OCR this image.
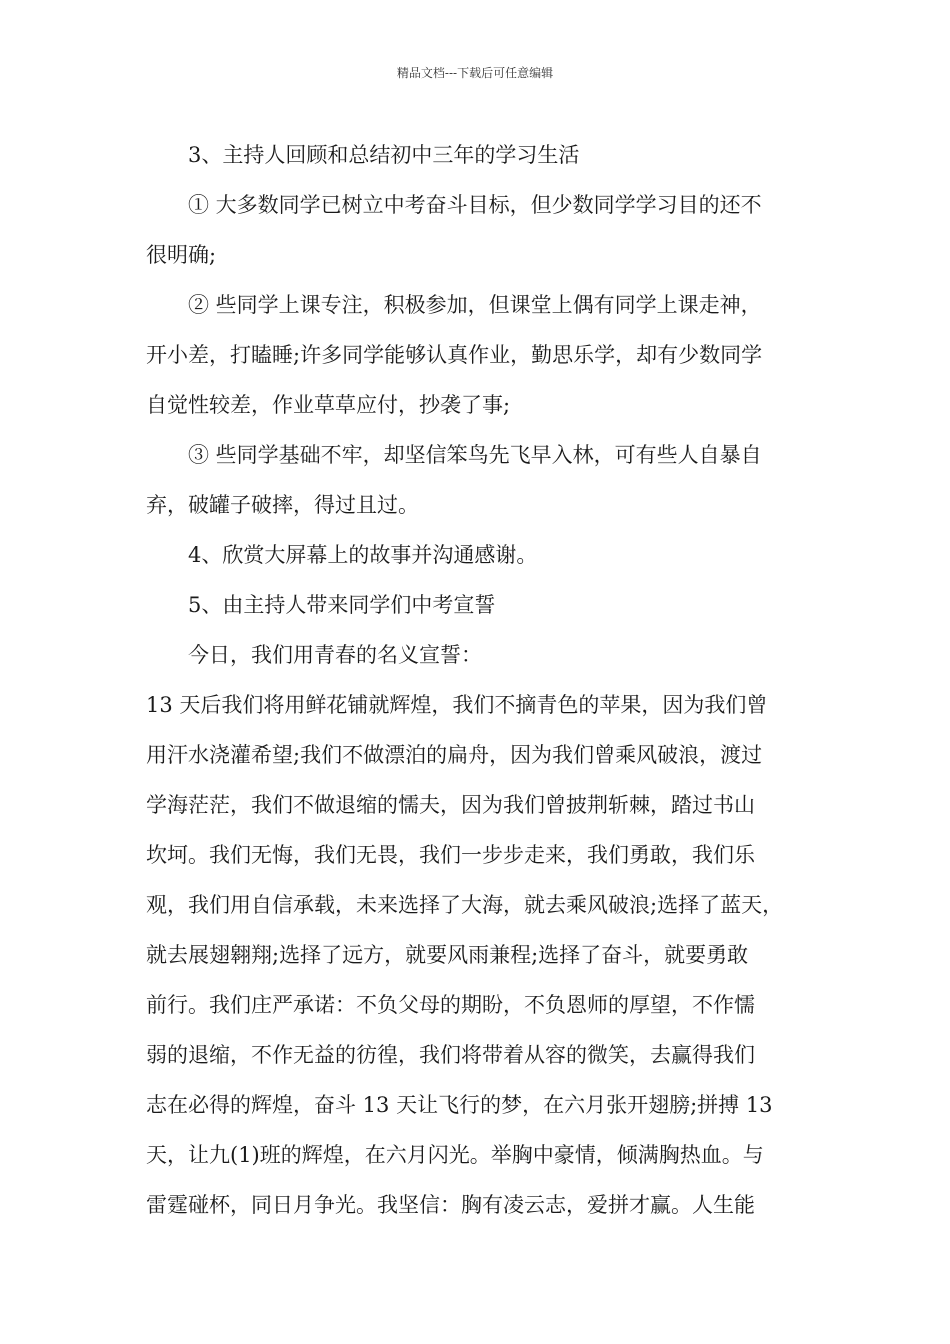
精品文档---下载后可任意编辑
3、主持人回顾和总结初中三年的学习生活
① 大多数同学已树立中考奋斗目标，但少数同学学习目的还不
很明确;
② 些同学上课专注，积极参加，但课堂上偶有同学上课走神，
开小差，打瞌睡;许多同学能够认真作业，勤思乐学，却有少数同学
自觉性较差，作业草草应付，抄袭了事;
③ 些同学基础不牢，却坚信笨鸟先飞早入林，可有些人自暴自
弃，破罐子破摔，得过且过。
4、欣赏大屏幕上的故事并沟通感谢。
5、由主持人带来同学们中考宣誓
今日，我们用青春的名义宣誓：
13 天后我们将用鲜花铺就辉煌，我们不摘青色的苹果，因为我们曾
用汗水浇灌希望;我们不做漂泊的扁舟，因为我们曾乘风破浪，渡过
学海茫茫，我们不做退缩的懦夫，因为我们曾披荆斩棘，踏过书山
坎坷。我们无悔，我们无畏，我们一步步走来，我们勇敢，我们乐
观，我们用自信承载，未来选择了大海，就去乘风破浪;选择了蓝天，
就去展翅翱翔;选择了远方，就要风雨兼程;选择了奋斗，就要勇敢
前行。我们庄严承诺：不负父母的期盼，不负恩师的厚望，不作懦
弱的退缩，不作无益的彷徨，我们将带着从容的微笑，去赢得我们
志在必得的辉煌，奋斗 13 天让飞行的梦，在六月张开翅膀;拼搏 13
天，让九(1)班的辉煌，在六月闪光。举胸中豪情，倾满胸热血。与
雷霆碰杯，同日月争光。我坚信：胸有凌云志，爱拼才赢。人生能
